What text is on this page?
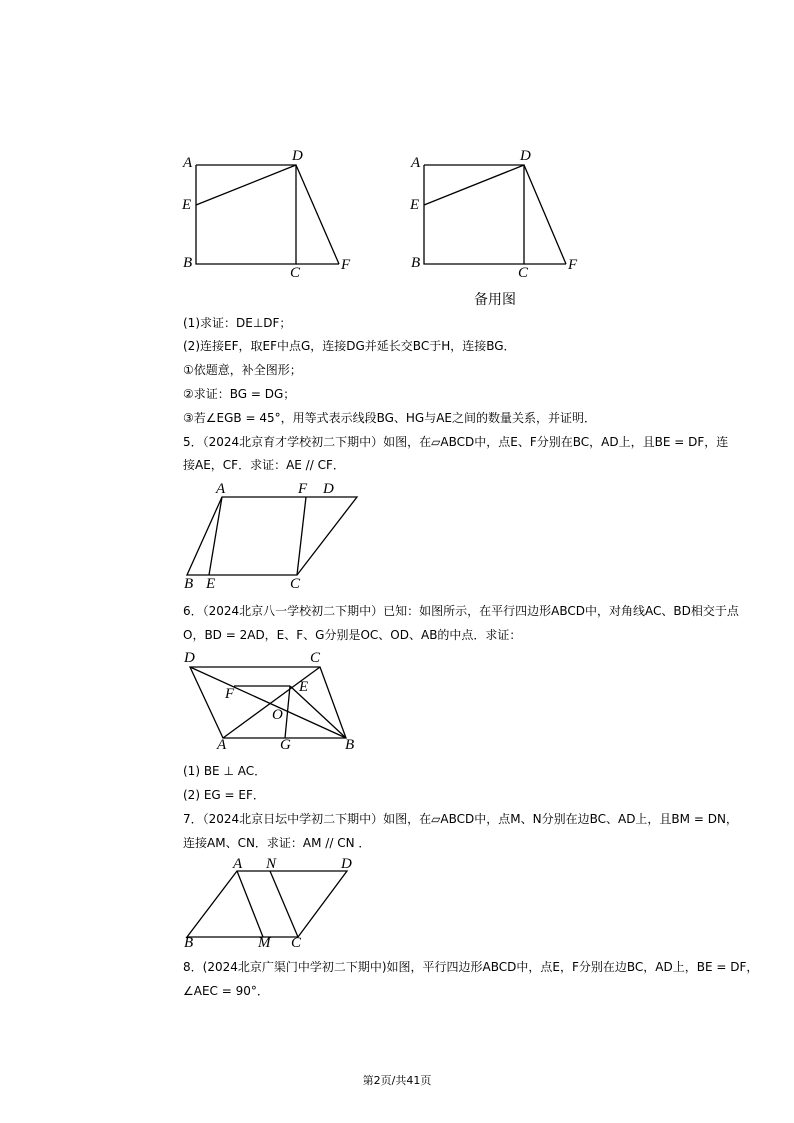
A	D
E
B
C	F
A	D
E
B
C	F
备用图
(1)求证：DE⊥DF；
(2)连接EF，取EF中点G，连接DG并延长交BC于H，连接BG．
①依题意，补全图形；
②求证：BG = DG；
③若∠EGB = 45°，用等式表示线段BG、HG与AE之间的数量关系，并证明．
5．（2024北京育才学校初二下期中）如图，在▱ABCD中，点E、F分别在BC，AD上，且BE = DF，连
接AE，CF．求证：AE // CF．
A	F D
B E	C
6．（2024北京八一学校初二下期中）已知：如图所示，在平行四边形ABCD中，对角线AC、BD相交于点
O，BD = 2AD，E、F、G分别是OC、OD、AB的中点．求证：
D	C
F	E
O
A	G	B
(1) BE ⊥ AC．
(2) EG = EF．
7．（2024北京日坛中学初二下期中）如图，在▱ABCD中，点M、N分别在边BC、AD上，且BM = DN，
连接AM、CN．求证：AM // CN ．
A N	D
B	M C
8．(2024北京广渠门中学初二下期中)如图，平行四边形ABCD中，点E，F分别在边BC，AD上，BE = DF，
∠AEC = 90°．
第2页/共41页
